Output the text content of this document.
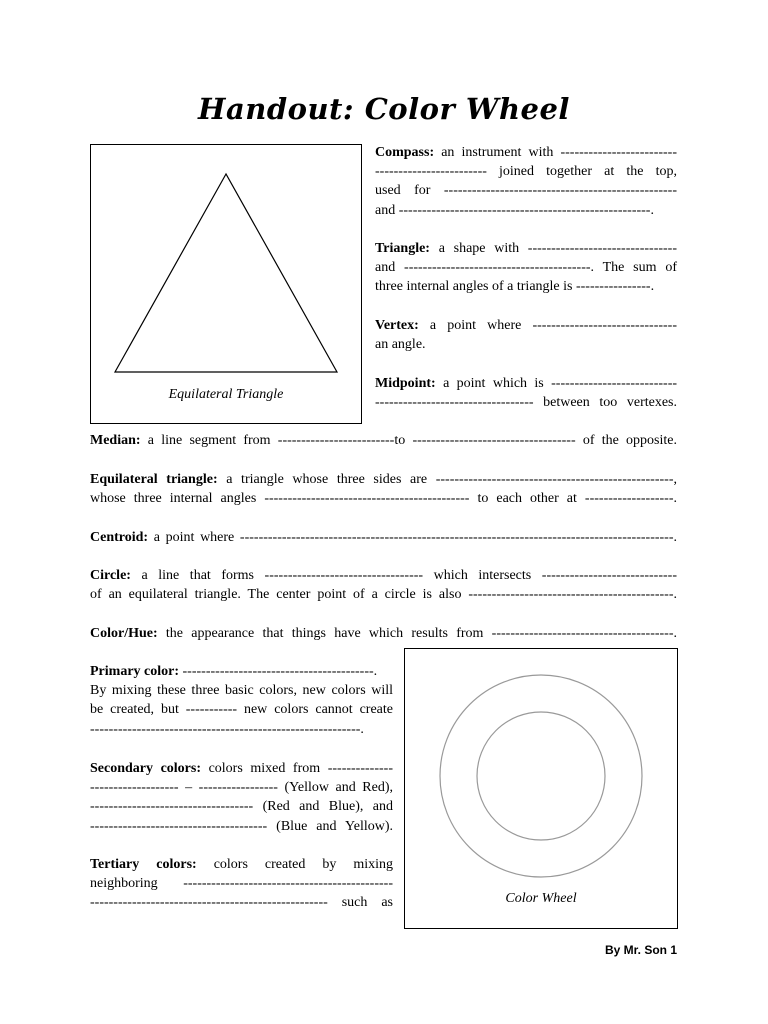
Handout: Color Wheel
Equilateral Triangle
Color Wheel
Compass: an instrument with -------------------------
------------------------ joined together at the top,
used for --------------------------------------------------
and ------------------------------------------------------.
Triangle: a shape with --------------------------------
and ----------------------------------------. The sum of
three internal angles of a triangle is ----------------.
Vertex: a point where -------------------------------
an angle.
Midpoint: a point which is ---------------------------
---------------------------------- between too vertexes.
Median: a line segment from -------------------------to ----------------------------------- of the opposite.
Equilateral triangle: a triangle whose three sides are ---------------------------------------------------,
whose three internal angles -------------------------------------------- to each other at -------------------.
Centroid: a point where ---------------------------------------------------------------------------------------------.
Circle: a line that forms ---------------------------------- which intersects -----------------------------
of an equilateral triangle. The center point of a circle is also --------------------------------------------.
Color/Hue: the appearance that things have which results from ---------------------------------------.
Primary color: -----------------------------------------.
By mixing these three basic colors, new colors will
be created, but ----------- new colors cannot create
----------------------------------------------------------.
Secondary colors: colors mixed from --------------
------------------- – ----------------- (Yellow and Red),
----------------------------------- (Red and Blue), and
-------------------------------------- (Blue and Yellow).
Tertiary colors: colors created by mixing
neighboring ---------------------------------------------
--------------------------------------------------- such as
By Mr. Son 1
